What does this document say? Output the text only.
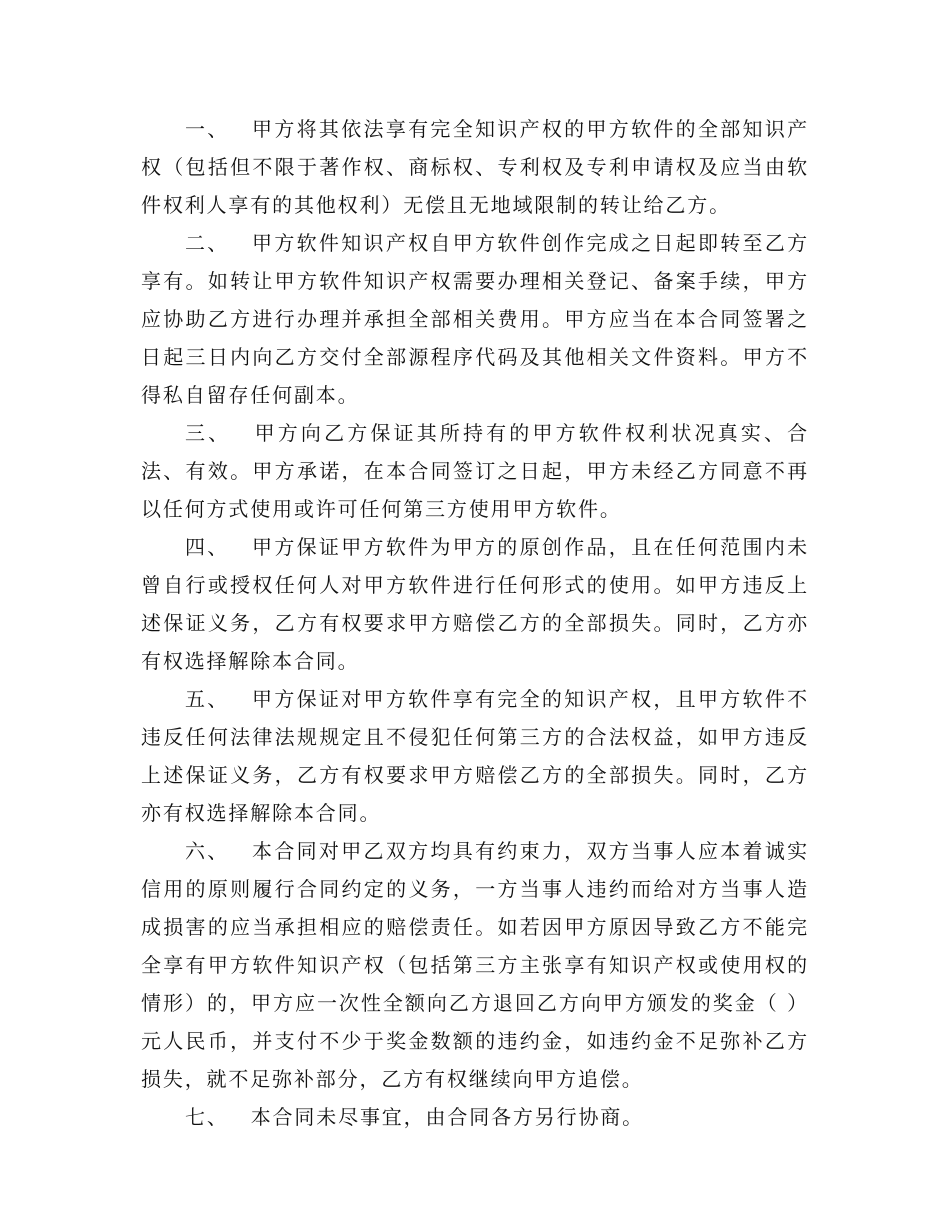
一、 甲方将其依法享有完全知识产权的甲方软件的全部知识产权（包括但不限于著作权、商标权、专利权及专利申请权及应当由软件权利人享有的其他权利）无偿且无地域限制的转让给乙方。

二、 甲方软件知识产权自甲方软件创作完成之日起即转至乙方享有。如转让甲方软件知识产权需要办理相关登记、备案手续，甲方应协助乙方进行办理并承担全部相关费用。甲方应当在本合同签署之日起三日内向乙方交付全部源程序代码及其他相关文件资料。甲方不得私自留存任何副本。

三、 甲方向乙方保证其所持有的甲方软件权利状况真实、合法、有效。甲方承诺，在本合同签订之日起，甲方未经乙方同意不再以任何方式使用或许可任何第三方使用甲方软件。

四、 甲方保证甲方软件为甲方的原创作品，且在任何范围内未曾自行或授权任何人对甲方软件进行任何形式的使用。如甲方违反上述保证义务，乙方有权要求甲方赔偿乙方的全部损失。同时，乙方亦有权选择解除本合同。

五、 甲方保证对甲方软件享有完全的知识产权，且甲方软件不违反任何法律法规规定且不侵犯任何第三方的合法权益，如甲方违反上述保证义务，乙方有权要求甲方赔偿乙方的全部损失。同时，乙方亦有权选择解除本合同。

六、 本合同对甲乙双方均具有约束力，双方当事人应本着诚实信用的原则履行合同约定的义务，一方当事人违约而给对方当事人造成损害的应当承担相应的赔偿责任。如若因甲方原因导致乙方不能完全享有甲方软件知识产权（包括第三方主张享有知识产权或使用权的情形）的，甲方应一次性全额向乙方退回乙方向甲方颁发的奖金（ ）元人民币，并支付不少于奖金数额的违约金，如违约金不足弥补乙方损失，就不足弥补部分，乙方有权继续向甲方追偿。

七、 本合同未尽事宜，由合同各方另行协商。
